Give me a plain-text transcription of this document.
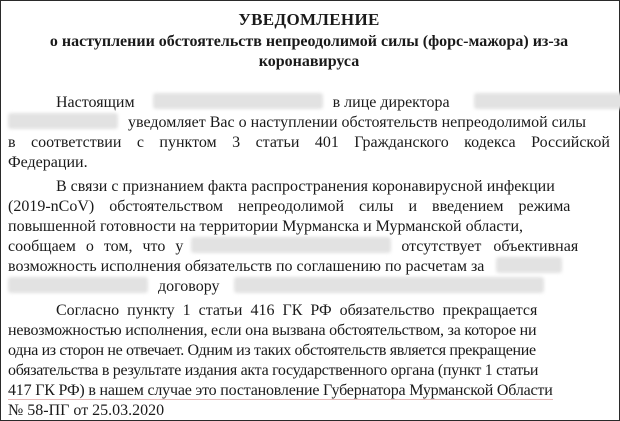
УВЕДОМЛЕНИЕ
о наступлении обстоятельств непреодолимой силы (форс-мажора) из-за
коронавируса
Настоящим	в лице директора
уведомляет Вас о наступлении обстоятельств непреодолимой силы
в соответствии с пунктом 3 статьи 401 Гражданского кодекса Российской
Федерации.
В связи с признанием факта распространения коронавирусной инфекции
(2019-nCoV) обстоятельством непреодолимой силы и введением режима
повышенной готовности на территории Мурманска и Мурманской области,
сообщаем о том, что у	отсутствует объективная
возможность исполнения обязательств по соглашению по расчетам за
договору
Согласно пункту 1 статьи 416 ГК РФ обязательство прекращается
невозможностью исполнения, если она вызвана обстоятельством, за которое ни
одна из сторон не отвечает. Одним из таких обстоятельств является прекращение
обязательства в результате издания акта государственного органа (пункт 1 статьи
417 ГК РФ) в нашем случае это постановление Губернатора Мурманской Области
№ 58-ПГ от 25.03.2020
